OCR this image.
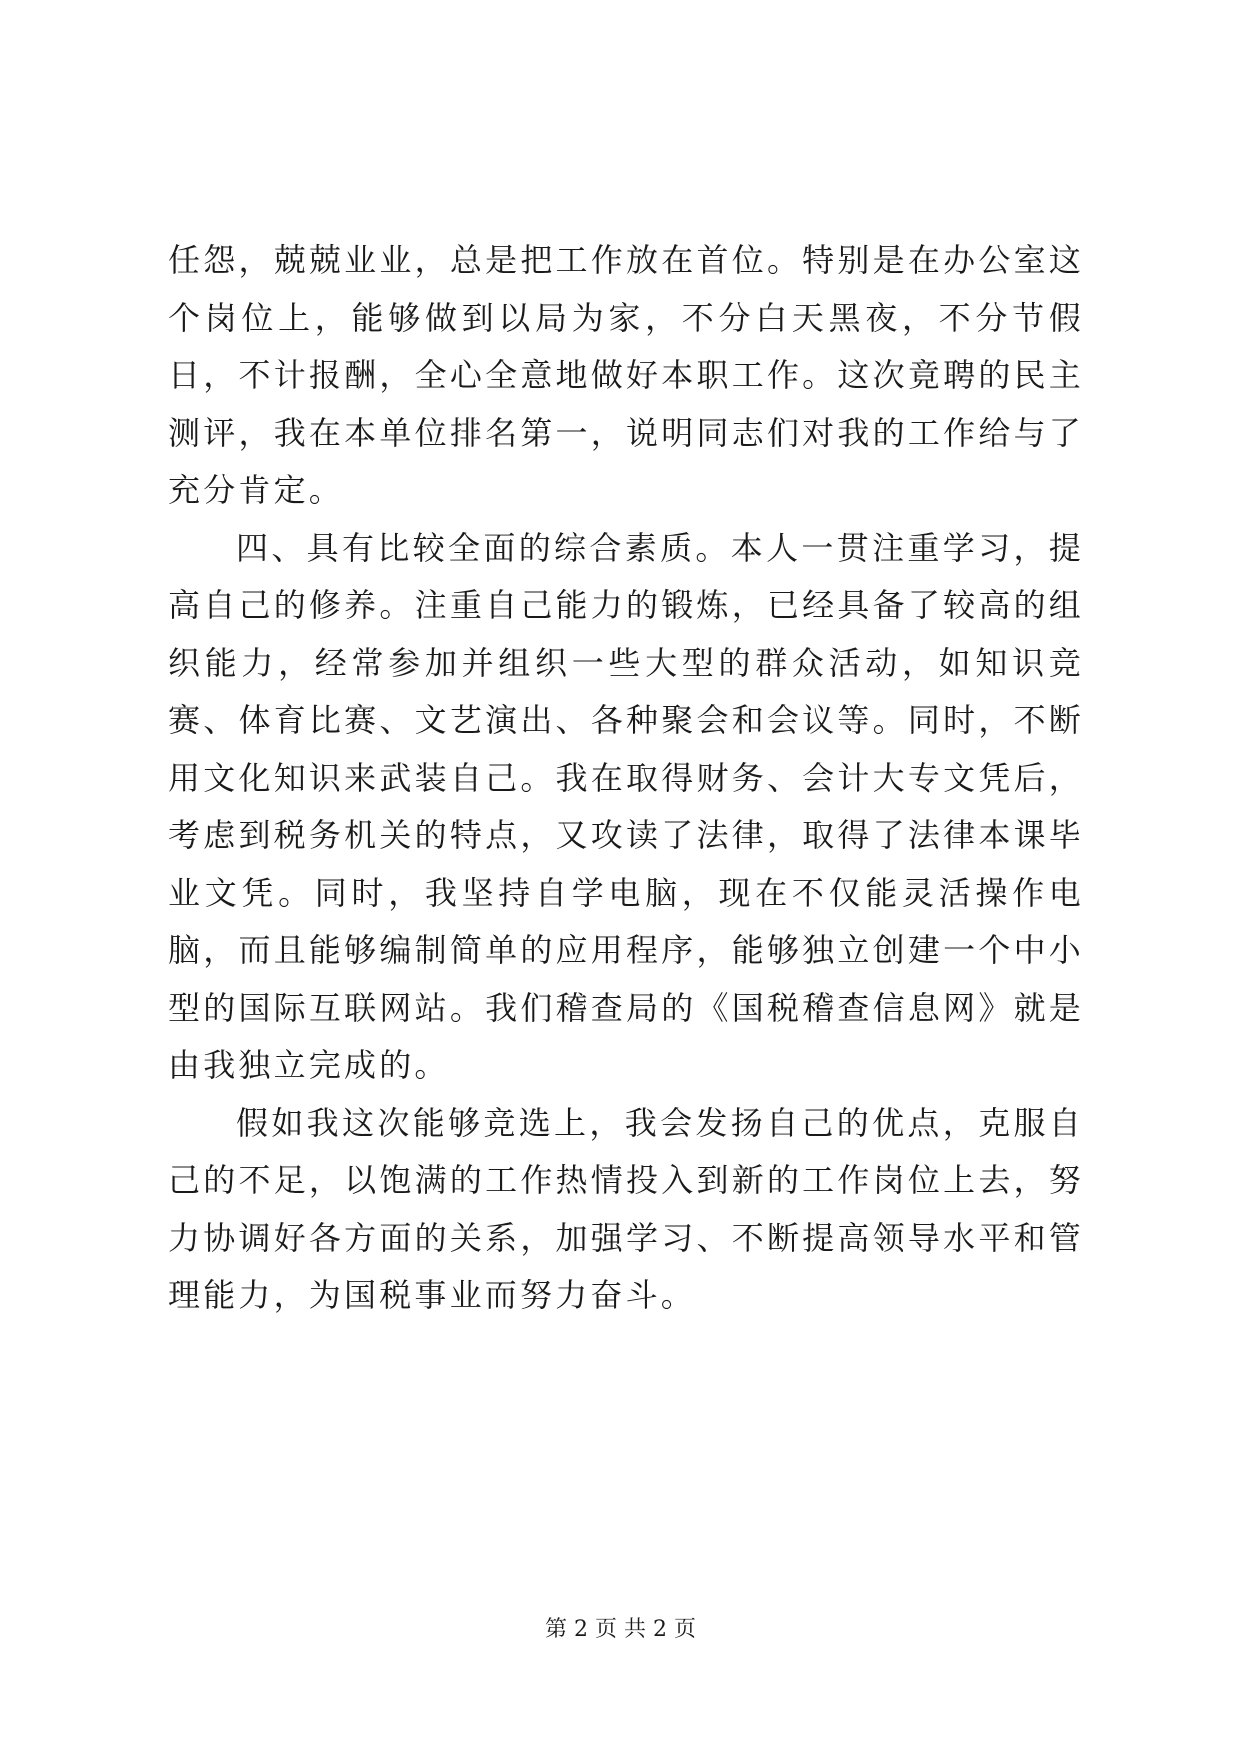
任怨，兢兢业业，总是把工作放在首位。特别是在办公室这个岗位上，能够做到以局为家，不分白天黑夜，不分节假日，不计报酬，全心全意地做好本职工作。这次竟聘的民主测评，我在本单位排名第一，说明同志们对我的工作给与了充分肯定。

四、具有比较全面的综合素质。本人一贯注重学习，提高自己的修养。注重自己能力的锻炼，已经具备了较高的组织能力，经常参加并组织一些大型的群众活动，如知识竞赛、体育比赛、文艺演出、各种聚会和会议等。同时，不断用文化知识来武装自己。我在取得财务、会计大专文凭后，考虑到税务机关的特点，又攻读了法律，取得了法律本课毕业文凭。同时，我坚持自学电脑，现在不仅能灵活操作电脑，而且能够编制简单的应用程序，能够独立创建一个中小型的国际互联网站。我们稽查局的《国税稽查信息网》就是由我独立完成的。

假如我这次能够竞选上，我会发扬自己的优点，克服自己的不足，以饱满的工作热情投入到新的工作岗位上去，努力协调好各方面的关系，加强学习、不断提高领导水平和管理能力，为国税事业而努力奋斗。

第 2 页 共 2 页
